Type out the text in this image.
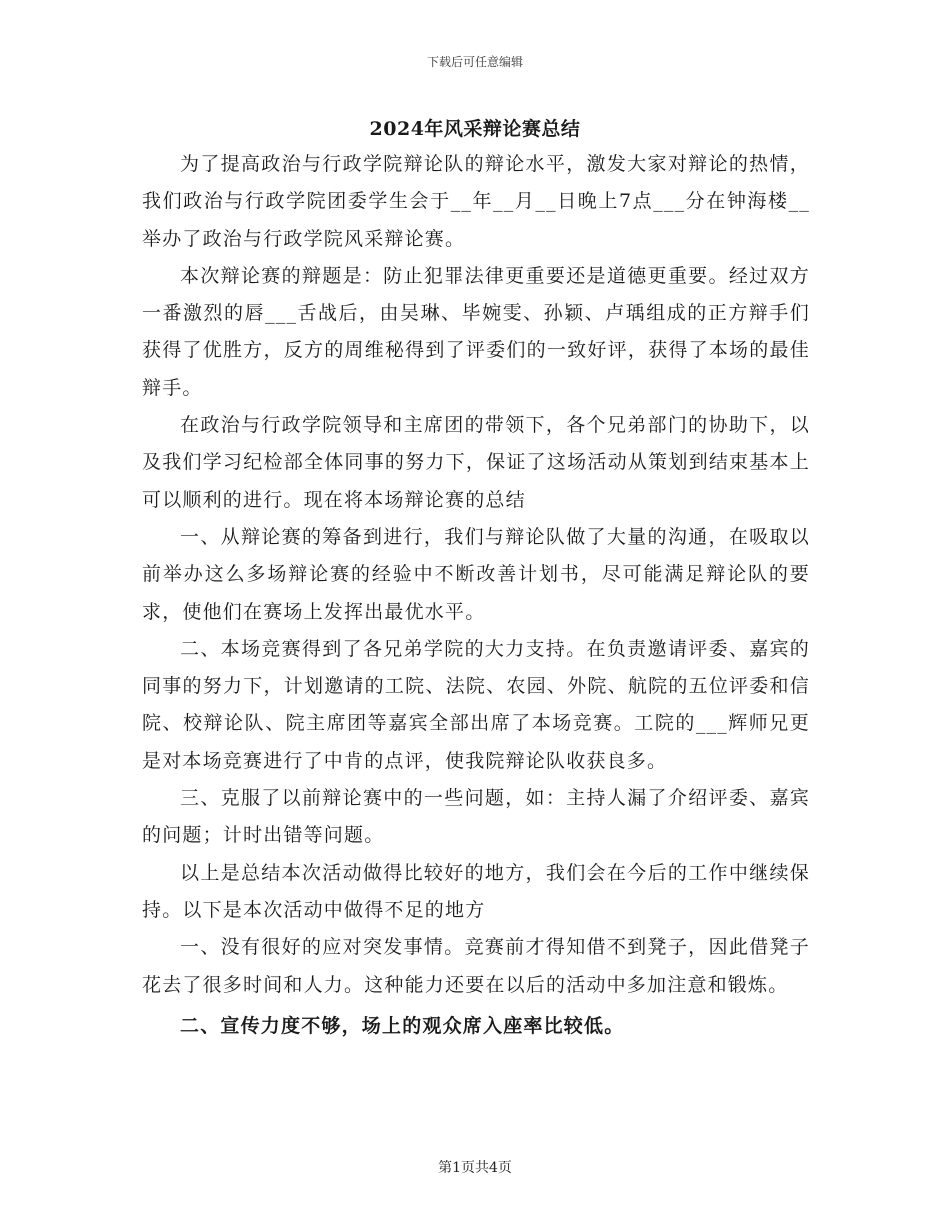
下载后可任意编辑
2024年风采辩论赛总结

为了提高政治与行政学院辩论队的辩论水平，激发大家对辩论的热情，我们政治与行政学院团委学生会于__年__月__日晚上7点___分在钟海楼__举办了政治与行政学院风采辩论赛。

本次辩论赛的辩题是：防止犯罪法律更重要还是道德更重要。经过双方一番激烈的唇___舌战后，由吴琳、毕婉雯、孙颖、卢瑀组成的正方辩手们获得了优胜方，反方的周维秘得到了评委们的一致好评，获得了本场的最佳辩手。

在政治与行政学院领导和主席团的带领下，各个兄弟部门的协助下，以及我们学习纪检部全体同事的努力下，保证了这场活动从策划到结束基本上可以顺利的进行。现在将本场辩论赛的总结

一、从辩论赛的筹备到进行，我们与辩论队做了大量的沟通，在吸取以前举办这么多场辩论赛的经验中不断改善计划书，尽可能满足辩论队的要求，使他们在赛场上发挥出最优水平。

二、本场竞赛得到了各兄弟学院的大力支持。在负责邀请评委、嘉宾的同事的努力下，计划邀请的工院、法院、农园、外院、航院的五位评委和信院、校辩论队、院主席团等嘉宾全部出席了本场竞赛。工院的___辉师兄更是对本场竞赛进行了中肯的点评，使我院辩论队收获良多。

三、克服了以前辩论赛中的一些问题，如：主持人漏了介绍评委、嘉宾的问题；计时出错等问题。

以上是总结本次活动做得比较好的地方，我们会在今后的工作中继续保持。以下是本次活动中做得不足的地方

一、没有很好的应对突发事情。竞赛前才得知借不到凳子，因此借凳子花去了很多时间和人力。这种能力还要在以后的活动中多加注意和锻炼。

二、宣传力度不够，场上的观众席入座率比较低。

第1页共4页
